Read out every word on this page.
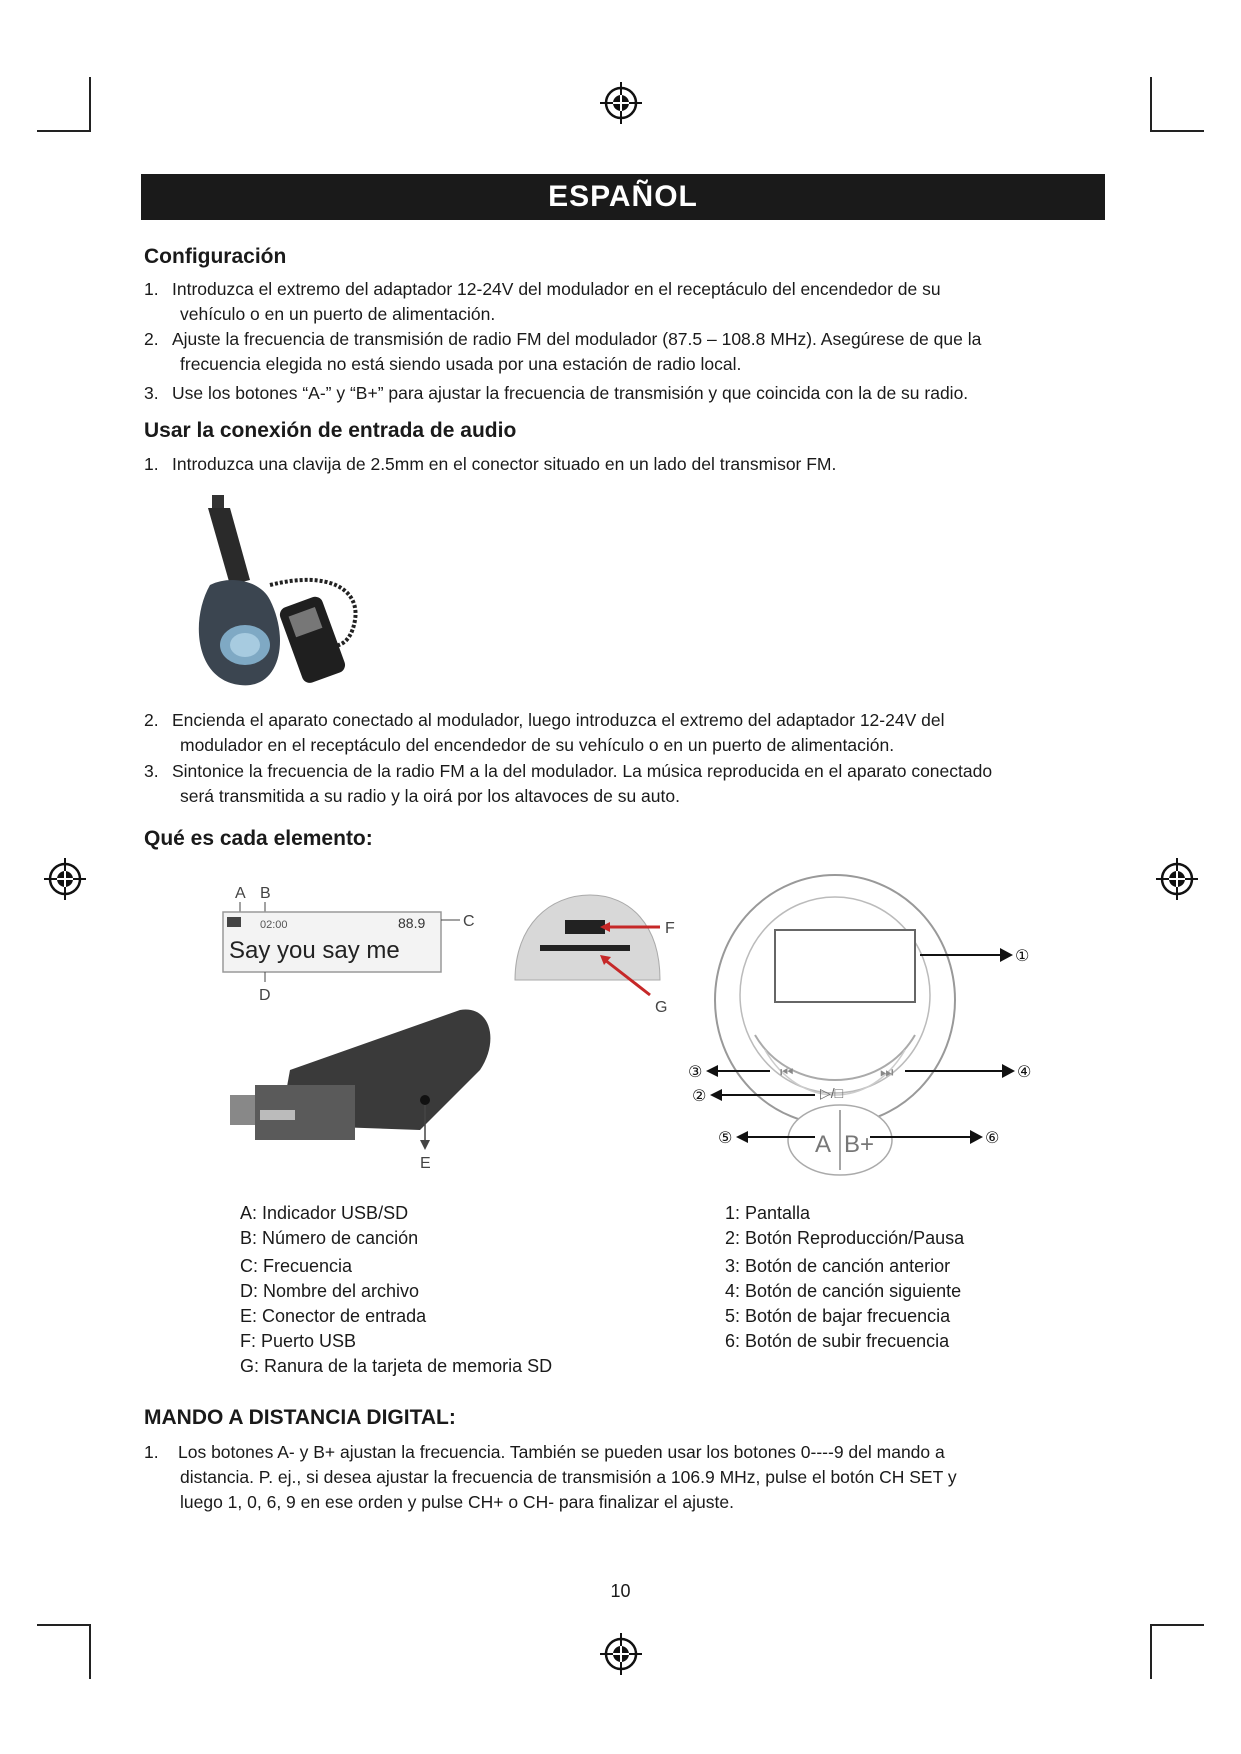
ESPAÑOL
Configuración
1. Introduzca el extremo del adaptador 12-24V del modulador en el receptáculo del encendedor de su
vehículo o en un puerto de alimentación.
2. Ajuste la frecuencia de transmisión de radio FM del modulador (87.5 – 108.8 MHz). Asegúrese de que la
frecuencia elegida no está siendo usada por una estación de radio local.
3. Use los botones “A-” y “B+” para ajustar la frecuencia de transmisión y que coincida con la de su radio.
Usar la conexión de entrada de audio
1. Introduzca una clavija de 2.5mm en el conector situado en un lado del transmisor FM.
2. Encienda el aparato conectado al modulador, luego introduzca el extremo del adaptador 12-24V del
modulador en el receptáculo del encendedor de su vehículo o en un puerto de alimentación.
3. Sintonice la frecuencia de la radio FM a la del modulador. La música reproducida en el aparato conectado
será transmitida a su radio y la oirá por los altavoces de su auto.
Qué es cada elemento:
A B
02:00	88.9
Say you say me
C
D
F
G
E
①
⏮
▷/□
⏭
A B+
③	④
②
⑤	⑥
A: Indicador USB/SD
B: Número de canción
C: Frecuencia
D: Nombre del archivo
E: Conector de entrada
F: Puerto USB
G: Ranura de la tarjeta de memoria SD
1: Pantalla
2: Botón Reproducción/Pausa
3: Botón de canción anterior
4: Botón de canción siguiente
5: Botón de bajar frecuencia
6: Botón de subir frecuencia
MANDO A DISTANCIA DIGITAL:
1.	Los botones A- y B+ ajustan la frecuencia. También se pueden usar los botones 0----9 del mando a
distancia. P. ej., si desea ajustar la frecuencia de transmisión a 106.9 MHz, pulse el botón CH SET y
luego 1, 0, 6, 9 en ese orden y pulse CH+ o CH- para finalizar el ajuste.
10
